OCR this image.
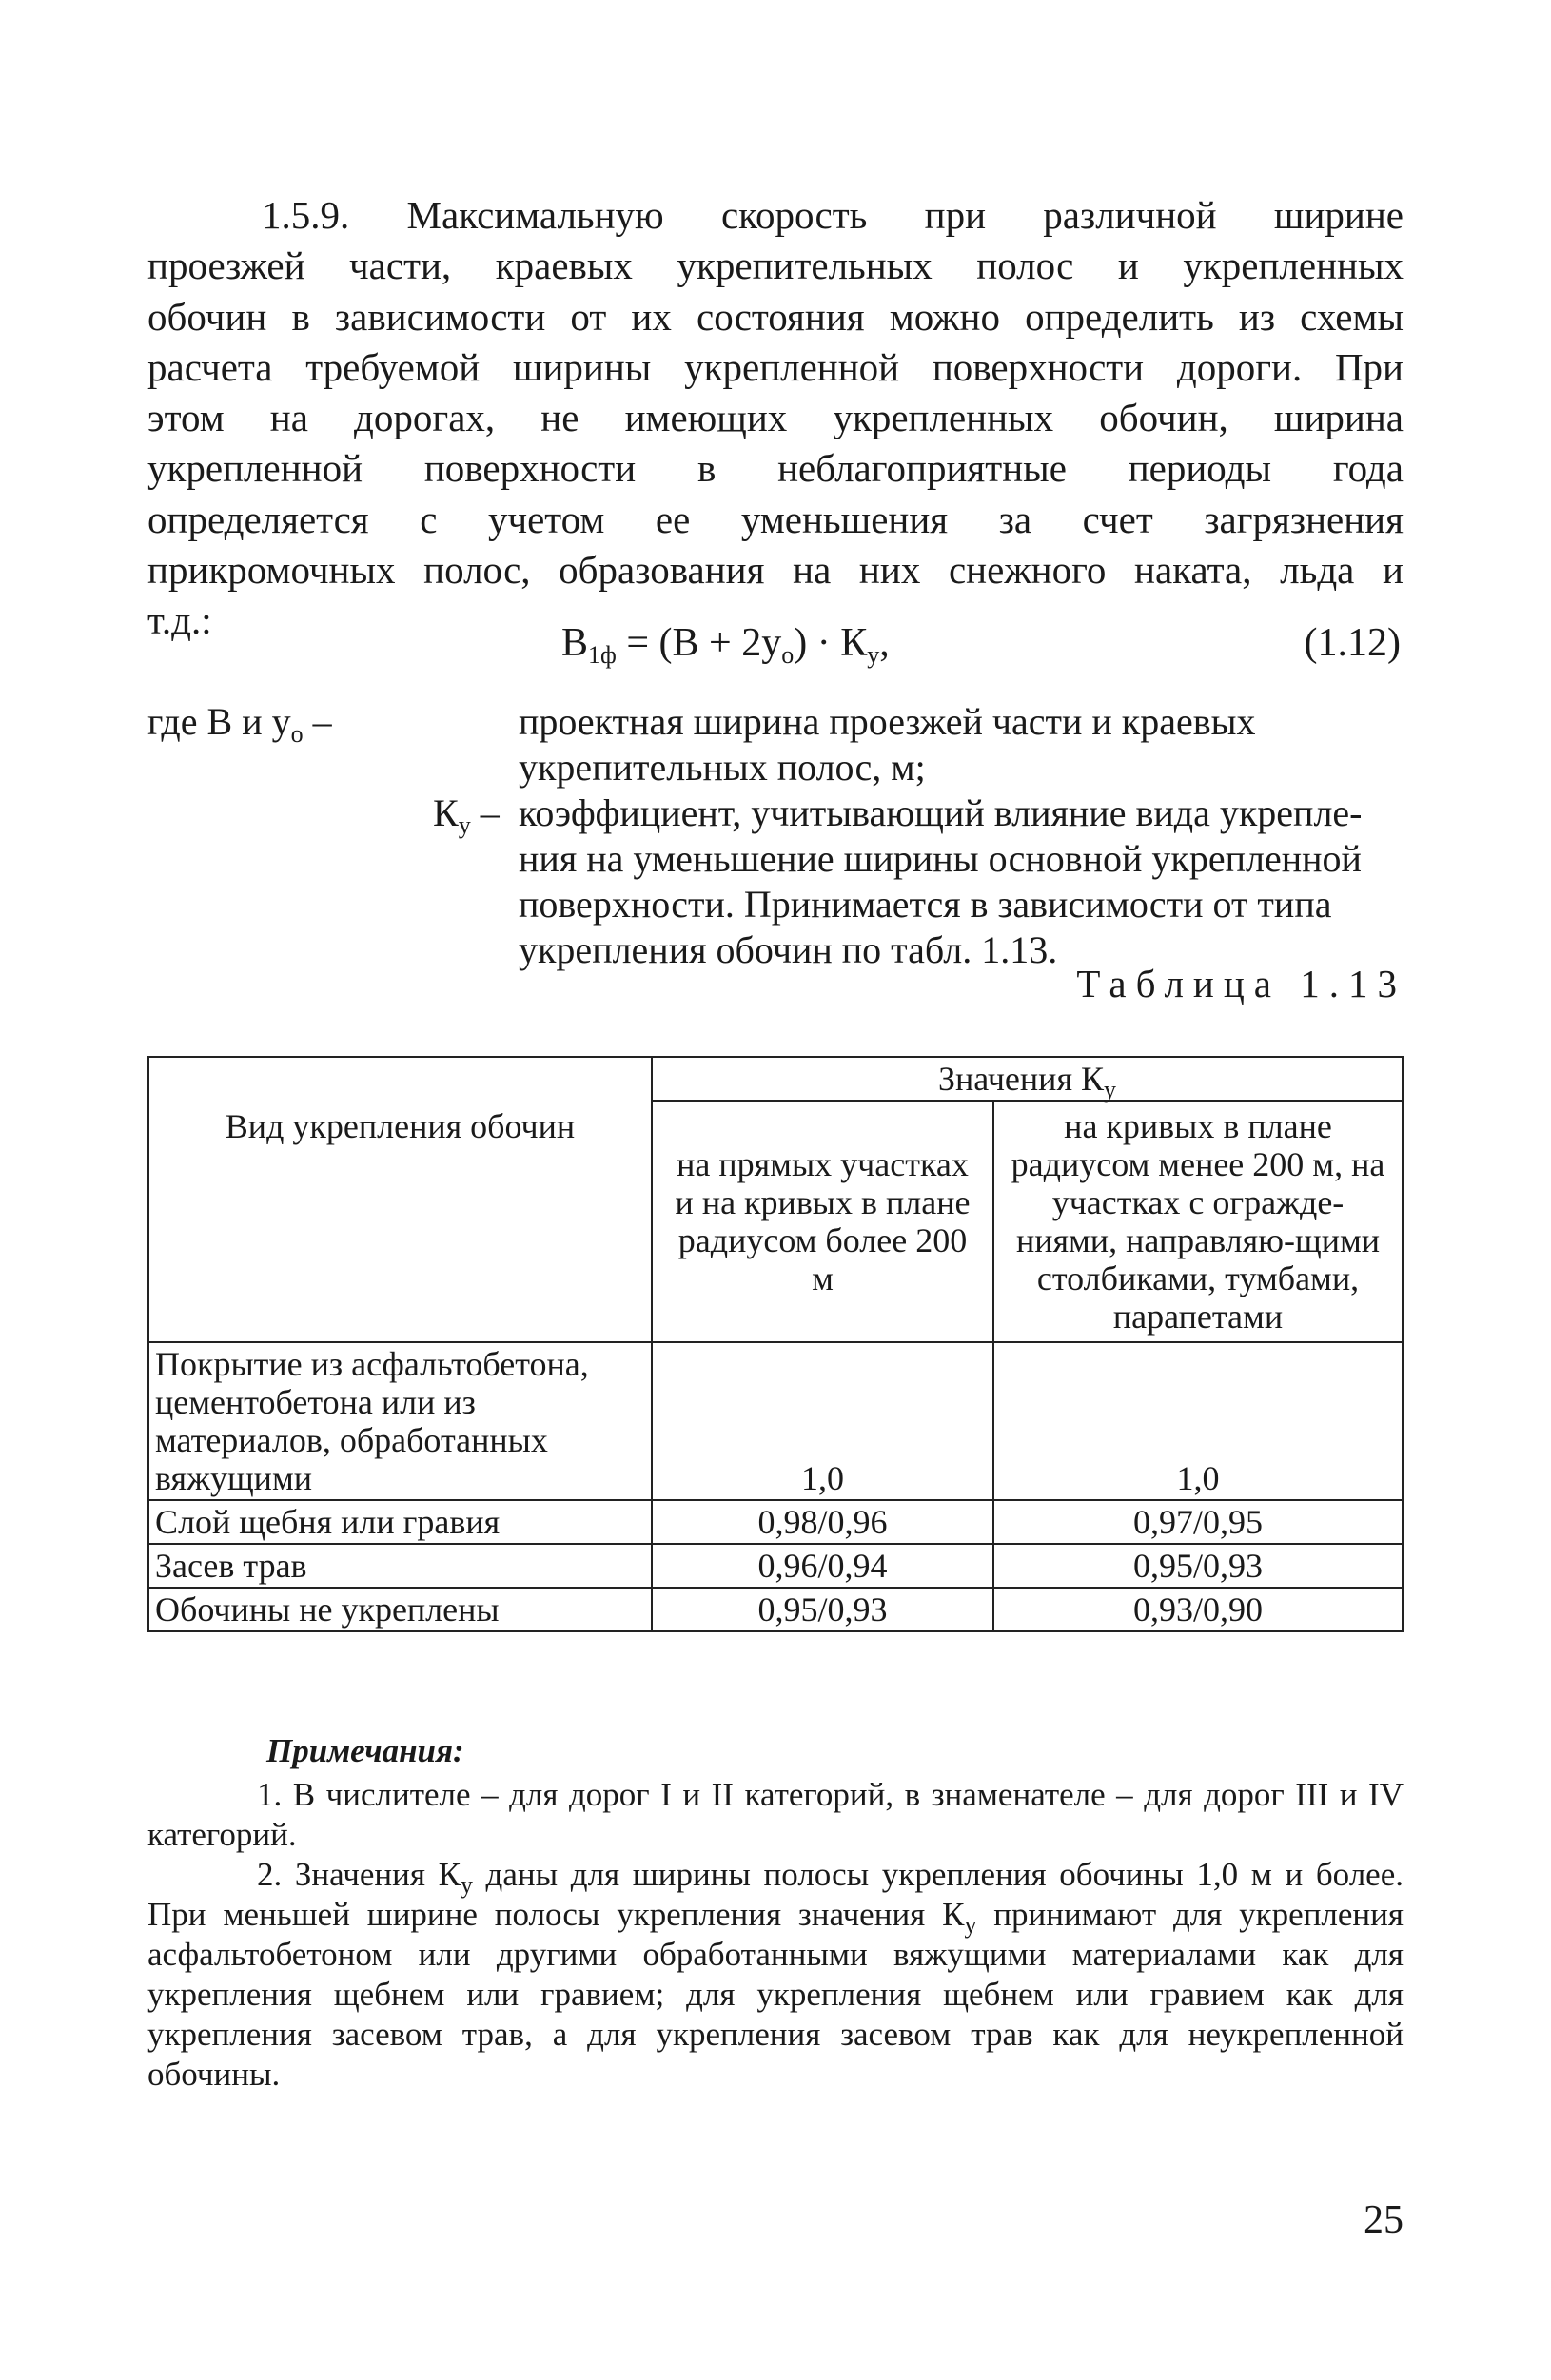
1.5.9. Максимальную скорость при различной ширине
проезжей части, краевых укрепительных полос и укрепленных
обочин в зависимости от их состояния можно определить из схемы
расчета требуемой ширины укрепленной поверхности дороги. При
этом на дорогах, не имеющих укрепленных обочин, ширина
укрепленной поверхности в неблагоприятные периоды года
определяется с учетом ее уменьшения за счет загрязнения
прикромочных полос, образования на них снежного наката, льда и
т.д.:
$В_{1ф} = (В + 2у_о) \cdot К_у$,	(1.12)
где В и $у_о$ –	проектная ширина проезжей части и краевых
укрепительных полос, м;
$К_у$ – коэффициент, учитывающий влияние вида укрепле-
ния на уменьшение ширины основной укрепленной
поверхности. Принимается в зависимости от типа
укрепления обочин по табл. 1.13.
Таблица 1.13
Вид укрепления обочин	Значения $К_у$
	на прямых участках и на кривых в плане радиусом более 200 м	на кривых в плане радиусом менее 200 м, на участках с огражде-ниями, направляю-щими столбиками, тумбами, парапетами
Покрытие из асфальтобетона, цементобетона или из материалов, обработанных вяжущими	1,0	1,0
Слой щебня или гравия	0,98/0,96	0,97/0,95
Засев трав	0,96/0,94	0,95/0,93
Обочины не укреплены	0,95/0,93	0,93/0,90
Примечания:

1. В числителе – для дорог I и II категорий, в знаменателе – для дорог III и IV категорий.

2. Значения $К_у$ даны для ширины полосы укрепления обочины 1,0 м и более. При меньшей ширине полосы укрепления значения $К_у$ принимают для укрепления асфальтобетоном или другими обработанными вяжущими материалами как для укрепления щебнем или гравием; для укрепления щебнем или гравием как для укрепления засевом трав, а для укрепления засевом трав как для неукрепленной обочины.

25
